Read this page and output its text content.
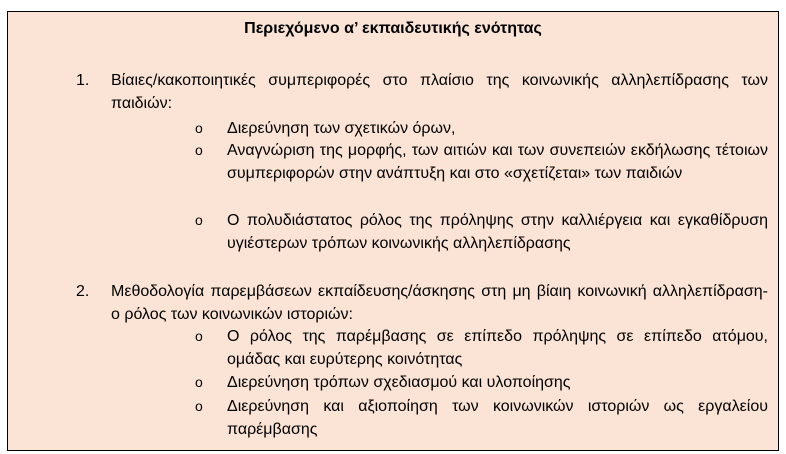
Περιεχόμενο α’ εκπαιδευτικής ενότητας
1. Βίαιες/κακοποιητικές συμπεριφορές στο πλαίσιο της κοινωνικής αλληλεπίδρασης των παιδιών:
o Διερεύνηση των σχετικών όρων,
o Αναγνώριση της μορφής, των αιτιών και των συνεπειών εκδήλωσης τέτοιων συμπεριφορών στην ανάπτυξη και στο «σχετίζεται» των παιδιών
o Ο πολυδιάστατος ρόλος της πρόληψης στην καλλιέργεια και εγκαθίδρυση υγιέστερων τρόπων κοινωνικής αλληλεπίδρασης
2. Μεθοδολογία παρεμβάσεων εκπαίδευσης/άσκησης στη μη βίαιη κοινωνική αλληλεπίδραση- ο ρόλος των κοινωνικών ιστοριών:
o Ο ρόλος της παρέμβασης σε επίπεδο πρόληψης σε επίπεδο ατόμου, ομάδας και ευρύτερης κοινότητας
o Διερεύνηση τρόπων σχεδιασμού και υλοποίησης
o Διερεύνηση και αξιοποίηση των κοινωνικών ιστοριών ως εργαλείου παρέμβασης
